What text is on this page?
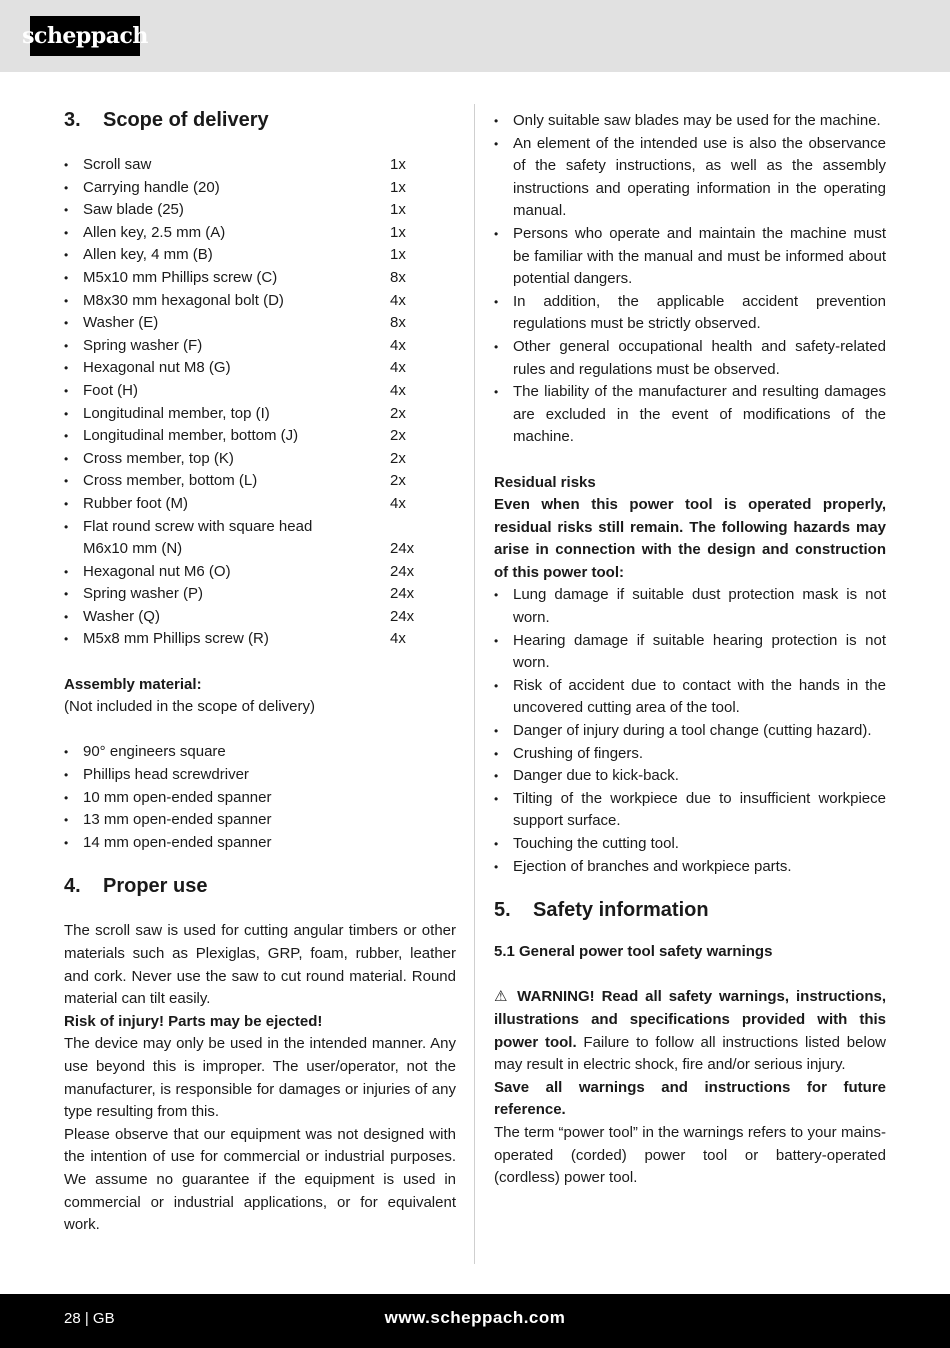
scheppach
3.	Scope of delivery
• Scroll saw	1x
• Carrying handle (20)	1x
• Saw blade (25)	1x
• Allen key, 2.5 mm (A)	1x
• Allen key, 4 mm (B)	1x
• M5x10 mm Phillips screw (C)	8x
• M8x30 mm hexagonal bolt (D)	4x
• Washer (E)	8x
• Spring washer (F)	4x
• Hexagonal nut M8 (G)	4x
• Foot (H)	4x
• Longitudinal member, top (I)	2x
• Longitudinal member, bottom (J)	2x
• Cross member, top (K)	2x
• Cross member, bottom (L)	2x
• Rubber foot (M)	4x
• Flat round screw with square head
M6x10 mm (N)	24x
• Hexagonal nut M6 (O)	24x
• Spring washer (P)	24x
• Washer (Q)	24x
• M5x8 mm Phillips screw (R)	4x
Assembly material:

(Not included in the scope of delivery)

• 90° engineers square
• Phillips head screwdriver
• 10 mm open-ended spanner
• 13 mm open-ended spanner
• 14 mm open-ended spanner
4.	Proper use

The scroll saw is used for cutting angular timbers or other materials such as Plexiglas, GRP, foam, rubber, leather and cork. Never use the saw to cut round material. Round material can tilt easily.

Risk of injury! Parts may be ejected!

The device may only be used in the intended manner. Any use beyond this is improper. The user/operator, not the manufacturer, is responsible for damages or injuries of any type resulting from this.

Please observe that our equipment was not designed with the intention of use for commercial or industrial purposes. We assume no guarantee if the equipment is used in commercial or industrial applications, or for equivalent work.

• Only suitable saw blades may be used for the machine.
• An element of the intended use is also the observance of the safety instructions, as well as the assembly instructions and operating information in the operating manual.
• Persons who operate and maintain the machine must be familiar with the manual and must be informed about potential dangers.
• In addition, the applicable accident prevention regulations must be strictly observed.
• Other general occupational health and safety-related rules and regulations must be observed.
• The liability of the manufacturer and resulting damages are excluded in the event of modifications of the machine.
Residual risks

Even when this power tool is operated properly, residual risks still remain. The following hazards may arise in connection with the design and construction of this power tool:

• Lung damage if suitable dust protection mask is not worn.
• Hearing damage if suitable hearing protection is not worn.
• Risk of accident due to contact with the hands in the uncovered cutting area of the tool.
• Danger of injury during a tool change (cutting hazard).
• Crushing of fingers.
• Danger due to kick-back.
• Tilting of the workpiece due to insufficient workpiece support surface.
• Touching the cutting tool.
• Ejection of branches and workpiece parts.
5.	Safety information
5.1 General power tool safety warnings

⚠ WARNING! Read all safety warnings, instructions, illustrations and specifications provided with this power tool. Failure to follow all instructions listed below may result in electric shock, fire and/or serious injury.

Save all warnings and instructions for future reference.

The term “power tool” in the warnings refers to your mains-operated (corded) power tool or battery-operated (cordless) power tool.

28 | GB	www.scheppach.com
